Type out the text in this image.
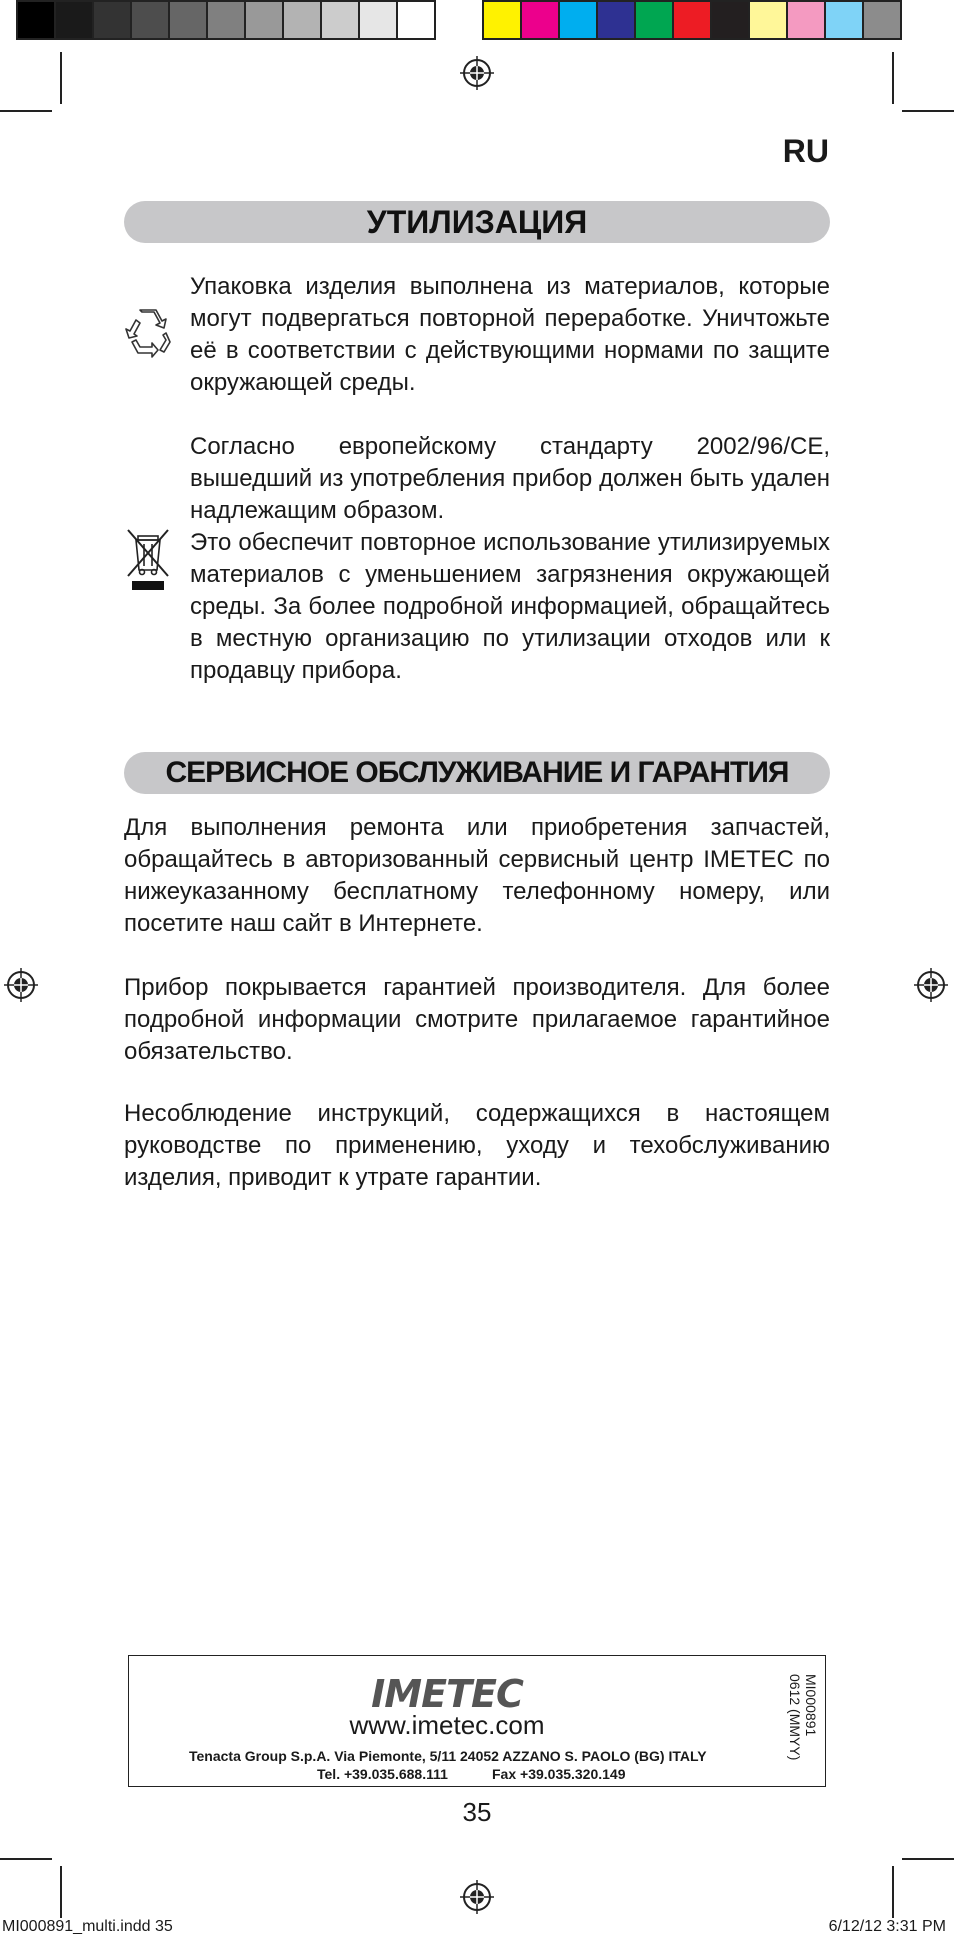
RU
УТИЛИЗАЦИЯ
Упаковка изделия выполнена из материалов, которые могут подвергаться повторной переработке. Уничтожьте её в соответствии с действующими нормами по защите окружающей среды.
Согласно европейскому стандарту 2002/96/CE, вышедший из употребления прибор должен быть удален надлежащим образом.
Это обеспечит повторное использование утилизируемых материалов с уменьшением загрязнения окружающей среды. За более подробной информацией, обращайтесь в местную организацию по утилизации отходов или к продавцу прибора.
СЕРВИСНОЕ ОБСЛУЖИВАНИЕ И ГАРАНТИЯ
Для выполнения ремонта или приобретения запчастей, обращайтесь в авторизованный сервисный центр IMETEC по нижеуказанному бесплатному телефонному номеру, или посетите наш сайт в Интернете.
Прибор покрывается гарантией производителя. Для более подробной информации смотрите прилагаемое гарантийное обязательство.
Несоблюдение инструкций, содержащихся в настоящем руководстве по применению, уходу и техобслуживанию изделия, приводит к утрате гарантии.
IMETEC
www.imetec.com
Tenacta Group S.p.A. Via Piemonte, 5/11 24052 AZZANO S. PAOLO (BG) ITALY
Tel. +39.035.688.111	Fax +39.035.320.149
MI000891
0612 (MMYY)
35
MI000891_multi.indd 35	6/12/12 3:31 PM
